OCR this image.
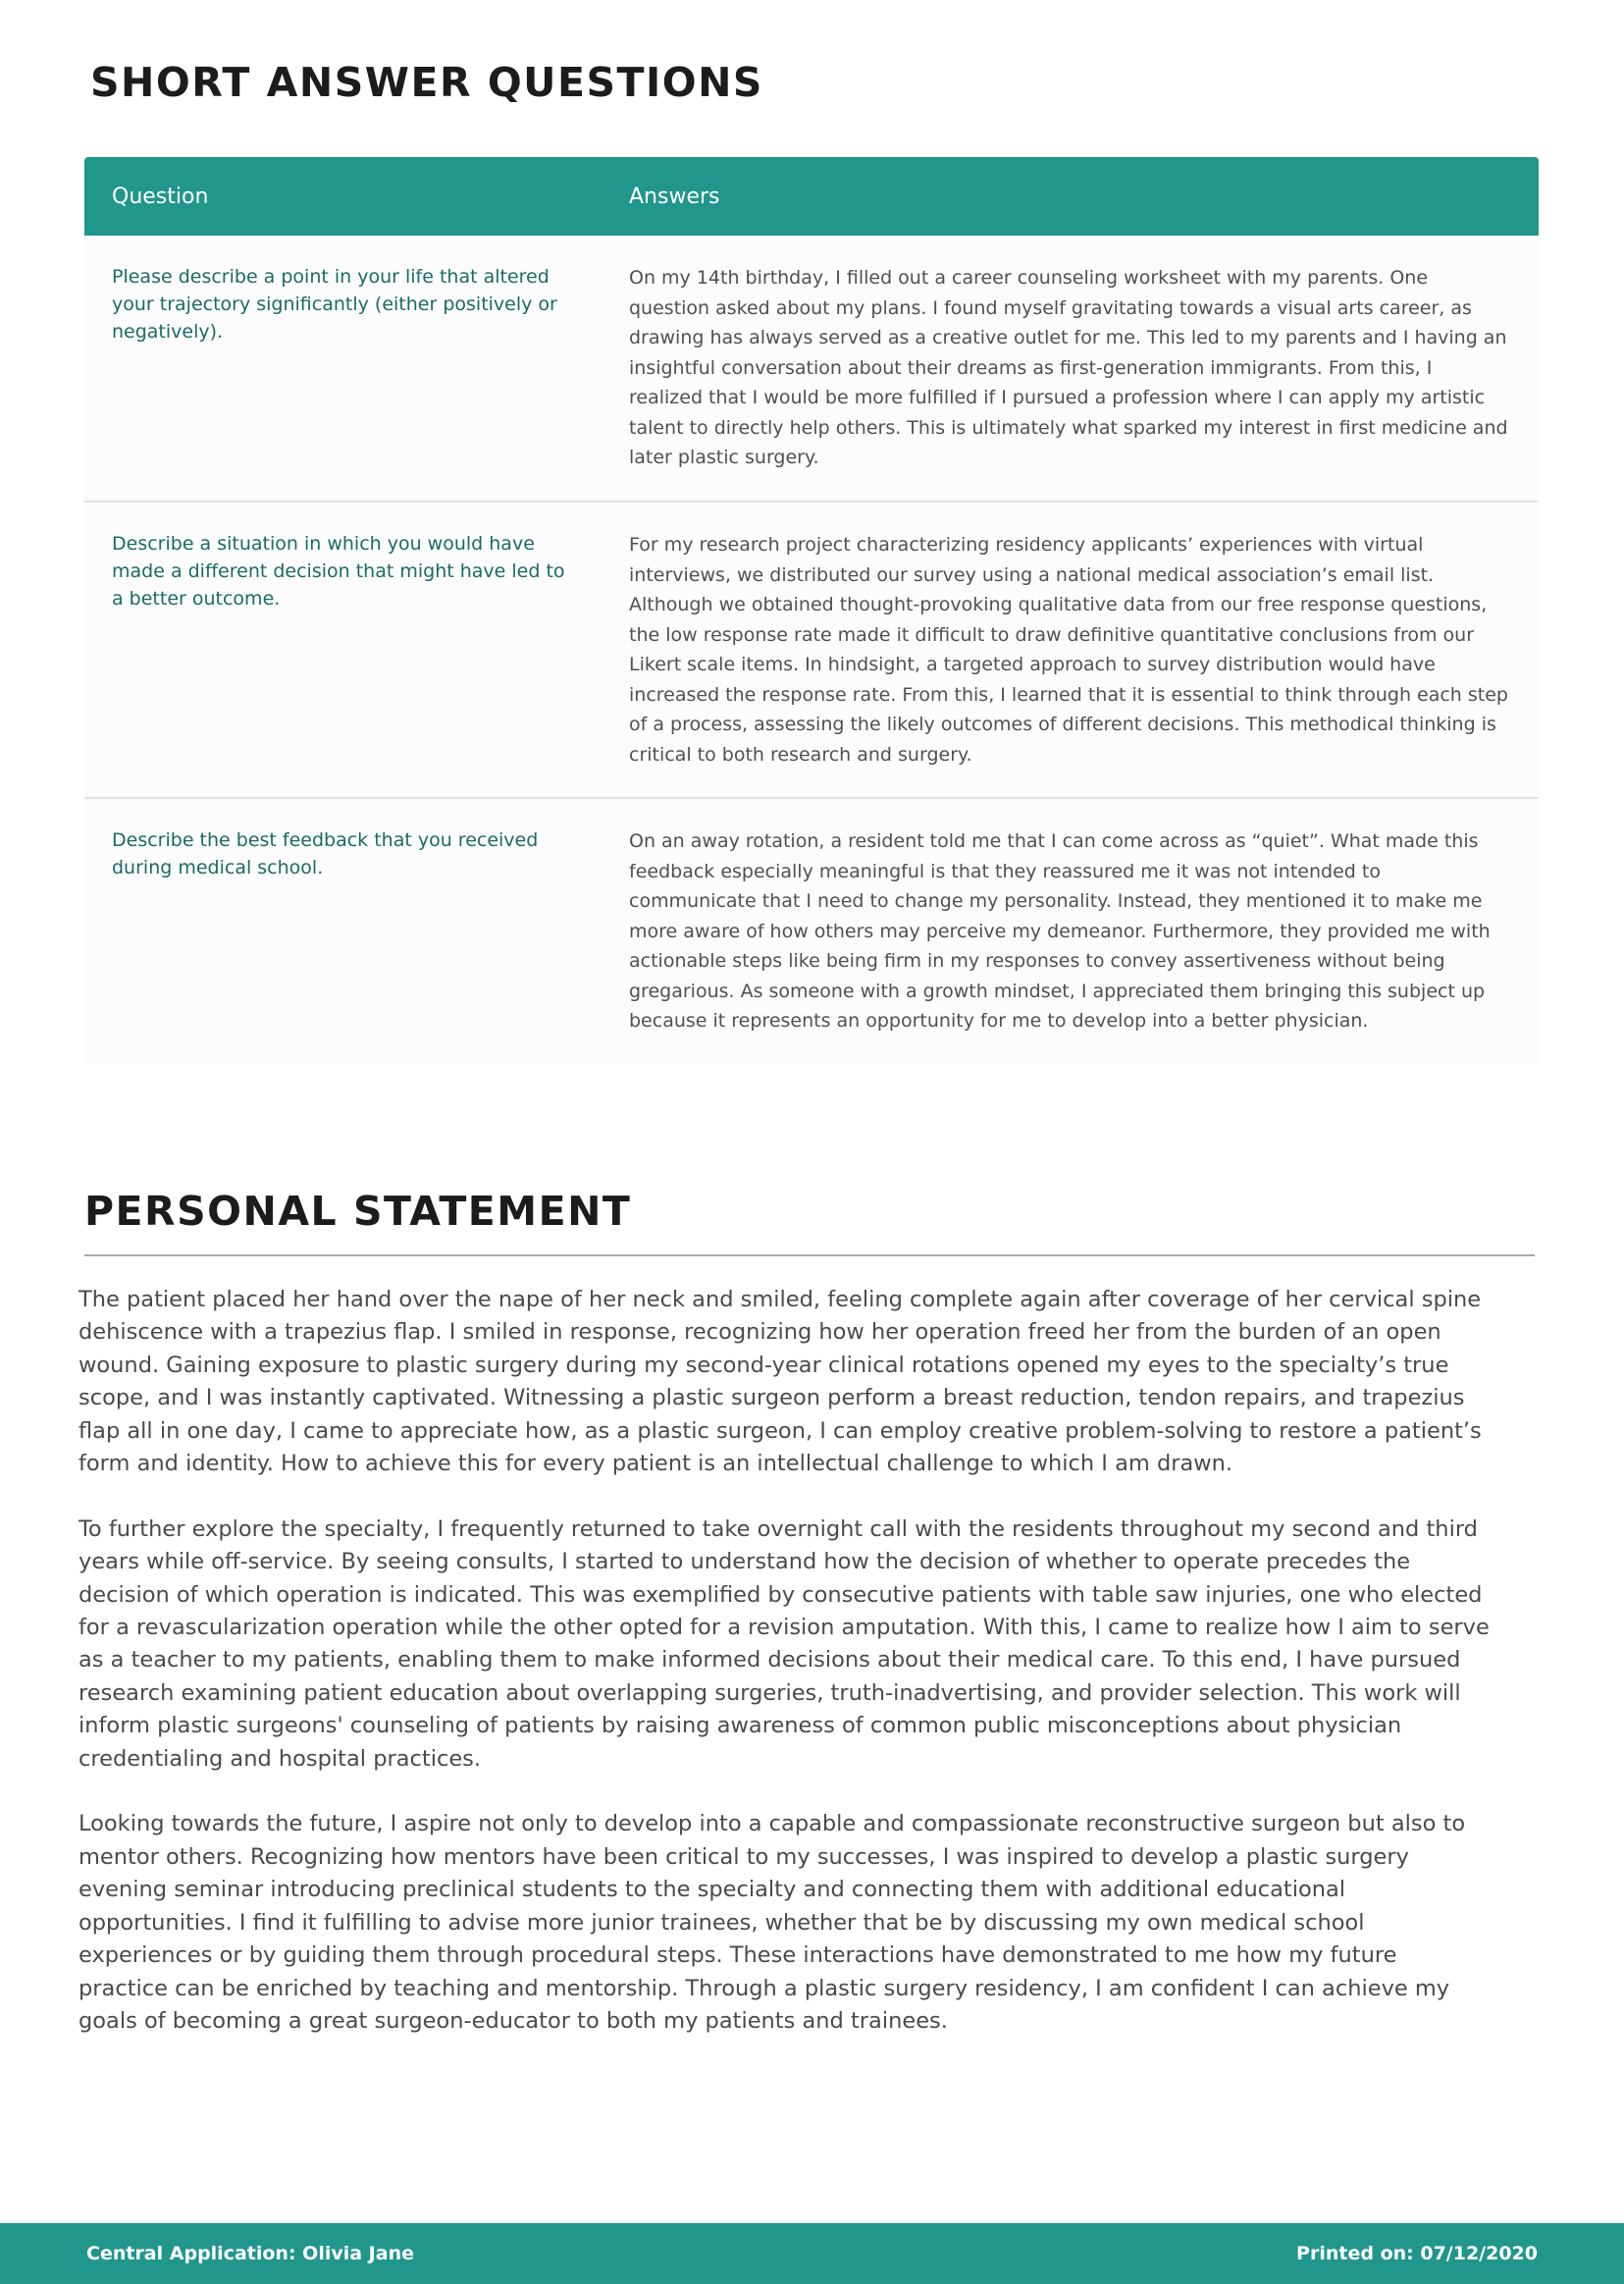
SHORT ANSWER QUESTIONS
Question	Answers
Please describe a point in your life that altered your trajectory significantly (either positively or negatively).	On my 14th birthday, I filled out a career counseling worksheet with my parents. One question asked about my plans. I found myself gravitating towards a visual arts career, as drawing has always served as a creative outlet for me. This led to my parents and I having an insightful conversation about their dreams as first-generation immigrants. From this, I realized that I would be more fulfilled if I pursued a profession where I can apply my artistic talent to directly help others. This is ultimately what sparked my interest in first medicine and later plastic surgery.
Describe a situation in which you would have made a different decision that might have led to a better outcome.	For my research project characterizing residency applicants’ experiences with virtual interviews, we distributed our survey using a national medical association’s email list. Although we obtained thought-provoking qualitative data from our free response questions, the low response rate made it difficult to draw definitive quantitative conclusions from our Likert scale items. In hindsight, a targeted approach to survey distribution would have increased the response rate. From this, I learned that it is essential to think through each step of a process, assessing the likely outcomes of different decisions. This methodical thinking is critical to both research and surgery.
Describe the best feedback that you received during medical school.	On an away rotation, a resident told me that I can come across as “quiet”. What made this feedback especially meaningful is that they reassured me it was not intended to communicate that I need to change my personality. Instead, they mentioned it to make me more aware of how others may perceive my demeanor. Furthermore, they provided me with actionable steps like being firm in my responses to convey assertiveness without being gregarious. As someone with a growth mindset, I appreciated them bringing this subject up because it represents an opportunity for me to develop into a better physician.
PERSONAL STATEMENT

The patient placed her hand over the nape of her neck and smiled, feeling complete again after coverage of her cervical spine dehiscence with a trapezius flap. I smiled in response, recognizing how her operation freed her from the burden of an open wound. Gaining exposure to plastic surgery during my second-year clinical rotations opened my eyes to the specialty’s true scope, and I was instantly captivated. Witnessing a plastic surgeon perform a breast reduction, tendon repairs, and trapezius flap all in one day, I came to appreciate how, as a plastic surgeon, I can employ creative problem-solving to restore a patient’s form and identity. How to achieve this for every patient is an intellectual challenge to which I am drawn.

To further explore the specialty, I frequently returned to take overnight call with the residents throughout my second and third years while off-service. By seeing consults, I started to understand how the decision of whether to operate precedes the decision of which operation is indicated. This was exemplified by consecutive patients with table saw injuries, one who elected for a revascularization operation while the other opted for a revision amputation. With this, I came to realize how I aim to serve as a teacher to my patients, enabling them to make informed decisions about their medical care. To this end, I have pursued research examining patient education about overlapping surgeries, truth-inadvertising, and provider selection. This work will inform plastic surgeons' counseling of patients by raising awareness of common public misconceptions about physician credentialing and hospital practices.

Looking towards the future, I aspire not only to develop into a capable and compassionate reconstructive surgeon but also to mentor others. Recognizing how mentors have been critical to my successes, I was inspired to develop a plastic surgery evening seminar introducing preclinical students to the specialty and connecting them with additional educational opportunities. I find it fulfilling to advise more junior trainees, whether that be by discussing my own medical school experiences or by guiding them through procedural steps. These interactions have demonstrated to me how my future practice can be enriched by teaching and mentorship. Through a plastic surgery residency, I am confident I can achieve my goals of becoming a great surgeon-educator to both my patients and trainees.

Central Application: Olivia Jane	Printed on: 07/12/2020
